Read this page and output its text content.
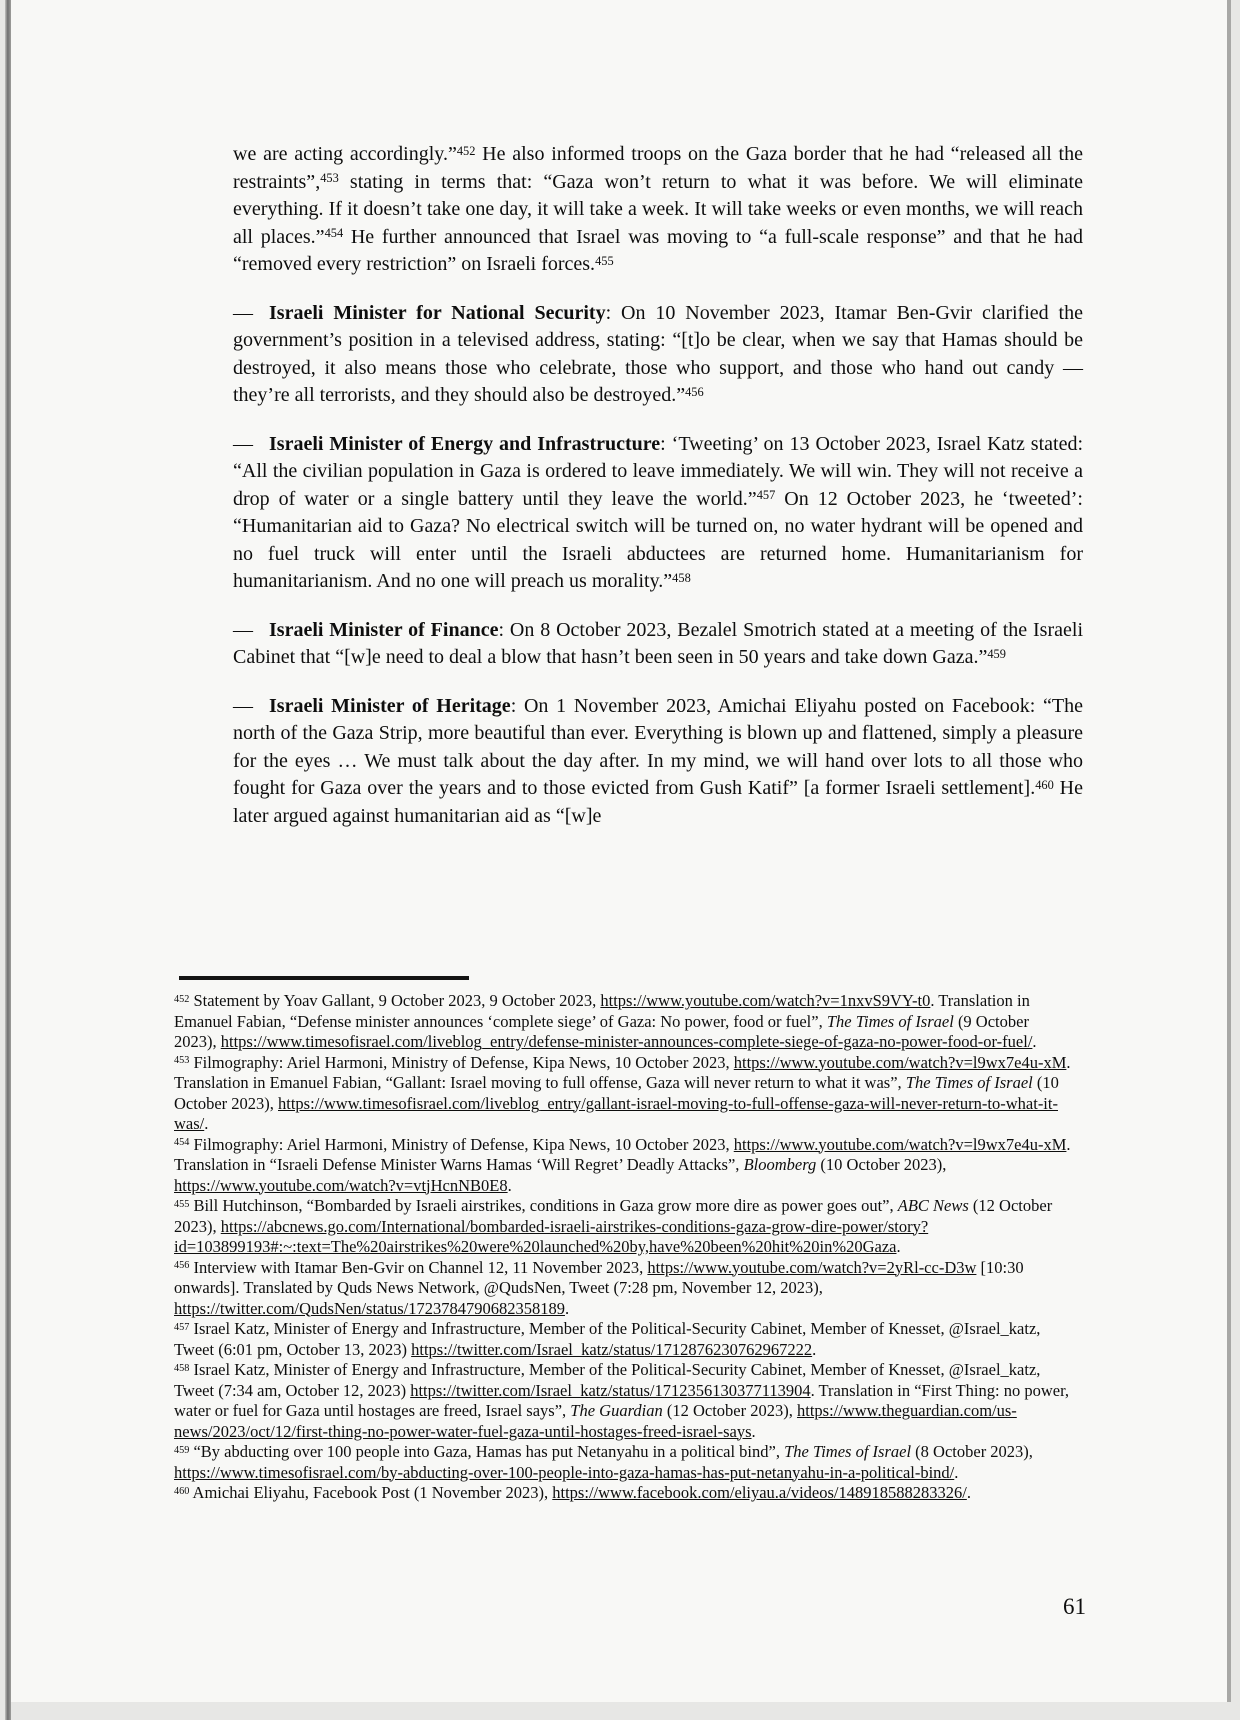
we are acting accordingly.”$^{452}$ He also informed troops on the Gaza border that he had “released all the restraints”,$^{453}$ stating in terms that: “Gaza won’t return to what it was before. We will eliminate everything. If it doesn’t take one day, it will take a week. It will take weeks or even months, we will reach all places.”$^{454}$ He further announced that Israel was moving to “a full-scale response” and that he had “removed every restriction” on Israeli forces.$^{455}$

— Israeli Minister for National Security: On 10 November 2023, Itamar Ben-Gvir clarified the government’s position in a televised address, stating: “[t]o be clear, when we say that Hamas should be destroyed, it also means those who celebrate, those who support, and those who hand out candy — they’re all terrorists, and they should also be destroyed.”$^{456}$

— Israeli Minister of Energy and Infrastructure: ‘Tweeting’ on 13 October 2023, Israel Katz stated: “All the civilian population in Gaza is ordered to leave immediately. We will win. They will not receive a drop of water or a single battery until they leave the world.”$^{457}$ On 12 October 2023, he ‘tweeted’: “Humanitarian aid to Gaza? No electrical switch will be turned on, no water hydrant will be opened and no fuel truck will enter until the Israeli abductees are returned home. Humanitarianism for humanitarianism. And no one will preach us morality.”$^{458}$

— Israeli Minister of Finance: On 8 October 2023, Bezalel Smotrich stated at a meeting of the Israeli Cabinet that “[w]e need to deal a blow that hasn’t been seen in 50 years and take down Gaza.”$^{459}$

— Israeli Minister of Heritage: On 1 November 2023, Amichai Eliyahu posted on Facebook: “The north of the Gaza Strip, more beautiful than ever. Everything is blown up and flattened, simply a pleasure for the eyes … We must talk about the day after. In my mind, we will hand over lots to all those who fought for Gaza over the years and to those evicted from Gush Katif” [a former Israeli settlement].$^{460}$ He later argued against humanitarian aid as “[w]e

$^{452}$ Statement by Yoav Gallant, 9 October 2023, 9 October 2023, https://www.youtube.com/watch?v=1nxvS9VY-t0. Translation in Emanuel Fabian, “Defense minister announces ‘complete siege’ of Gaza: No power, food or fuel”, The Times of Israel (9 October 2023), https://www.timesofisrael.com/liveblog_entry/defense-minister-announces-complete-siege-of-gaza-no-power-food-or-fuel/.
$^{453}$ Filmography: Ariel Harmoni, Ministry of Defense, Kipa News, 10 October 2023, https://www.youtube.com/watch?v=l9wx7e4u-xM. Translation in Emanuel Fabian, “Gallant: Israel moving to full offense, Gaza will never return to what it was”, The Times of Israel (10 October 2023), https://www.timesofisrael.com/liveblog_entry/gallant-israel-moving-to-full-offense-gaza-will-never-return-to-what-it-was/.
$^{454}$ Filmography: Ariel Harmoni, Ministry of Defense, Kipa News, 10 October 2023, https://www.youtube.com/watch?v=l9wx7e4u-xM. Translation in “Israeli Defense Minister Warns Hamas ‘Will Regret’ Deadly Attacks”, Bloomberg (10 October 2023), https://www.youtube.com/watch?v=vtjHcnNB0E8.
$^{455}$ Bill Hutchinson, “Bombarded by Israeli airstrikes, conditions in Gaza grow more dire as power goes out”, ABC News (12 October 2023), https://abcnews.go.com/International/bombarded-israeli-airstrikes-conditions-gaza-grow-dire-power/story?id=103899193#:~:text=The%20airstrikes%20were%20launched%20by,have%20been%20hit%20in%20Gaza.
$^{456}$ Interview with Itamar Ben-Gvir on Channel 12, 11 November 2023, https://www.youtube.com/watch?v=2yRl-cc-D3w [10:30 onwards]. Translated by Quds News Network, @QudsNen, Tweet (7:28 pm, November 12, 2023), https://twitter.com/QudsNen/status/1723784790682358189.
$^{457}$ Israel Katz, Minister of Energy and Infrastructure, Member of the Political-Security Cabinet, Member of Knesset, @Israel_katz, Tweet (6:01 pm, October 13, 2023) https://twitter.com/Israel_katz/status/1712876230762967222.
$^{458}$ Israel Katz, Minister of Energy and Infrastructure, Member of the Political-Security Cabinet, Member of Knesset, @Israel_katz, Tweet (7:34 am, October 12, 2023) https://twitter.com/Israel_katz/status/1712356130377113904. Translation in “First Thing: no power, water or fuel for Gaza until hostages are freed, Israel says”, The Guardian (12 October 2023), https://www.theguardian.com/us-news/2023/oct/12/first-thing-no-power-water-fuel-gaza-until-hostages-freed-israel-says.
$^{459}$ “By abducting over 100 people into Gaza, Hamas has put Netanyahu in a political bind”, The Times of Israel (8 October 2023), https://www.timesofisrael.com/by-abducting-over-100-people-into-gaza-hamas-has-put-netanyahu-in-a-political-bind/.
$^{460}$ Amichai Eliyahu, Facebook Post (1 November 2023), https://www.facebook.com/eliyau.a/videos/148918588283326/.
61
